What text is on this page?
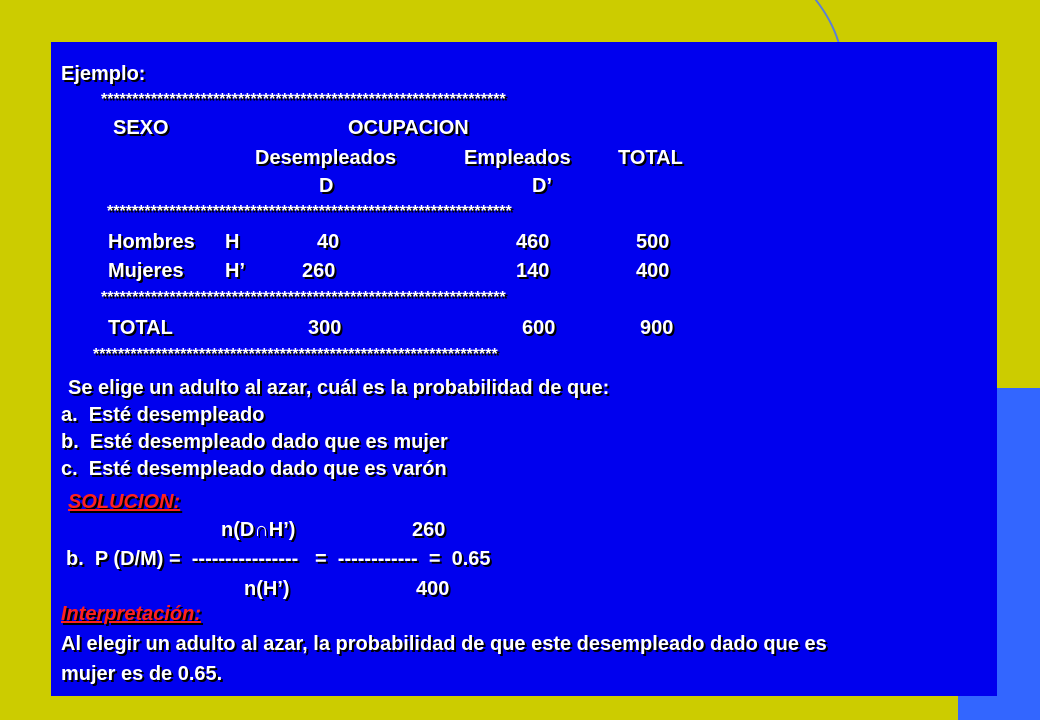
Ejemplo:
*****************************************************************
SEXO	OCUPACION
Desempleados	Empleados TOTAL
D	D’
*****************************************************************
Hombres H	40	460	500
Mujeres H’	260	140	400
*****************************************************************
TOTAL	300	600	900
*****************************************************************
Se elige un adulto al azar, cuál es la probabilidad de que:
a.  Esté desempleado
b.  Esté desempleado dado que es mujer
c.  Esté desempleado dado que es varón
SOLUCION:
n(D∩H’)	260
b.  P (D/M) =  ----------------   =  ------------  =  0.65
n(H’)	400
Interpretación:
Al elegir un adulto al azar, la probabilidad de que este desempleado dado que es
mujer es de 0.65.
